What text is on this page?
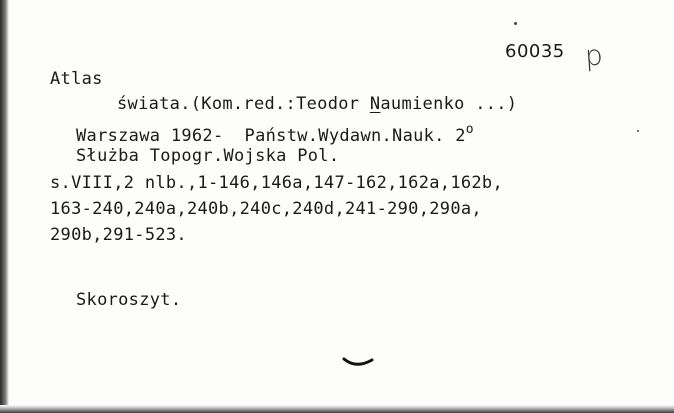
60035 p
Atlas
świata.(Kom.red.:Teodor Naumienko ...)
Warszawa 1962-  Państw.Wydawn.Nauk. 2$^o$
Służba Topogr.Wojska Pol.
s.VIII,2 nlb.,1-146,146a,147-162,162a,162b,
163-240,240a,240b,240c,240d,241-290,290a,
290b,291-523.
Skoroszyt.
